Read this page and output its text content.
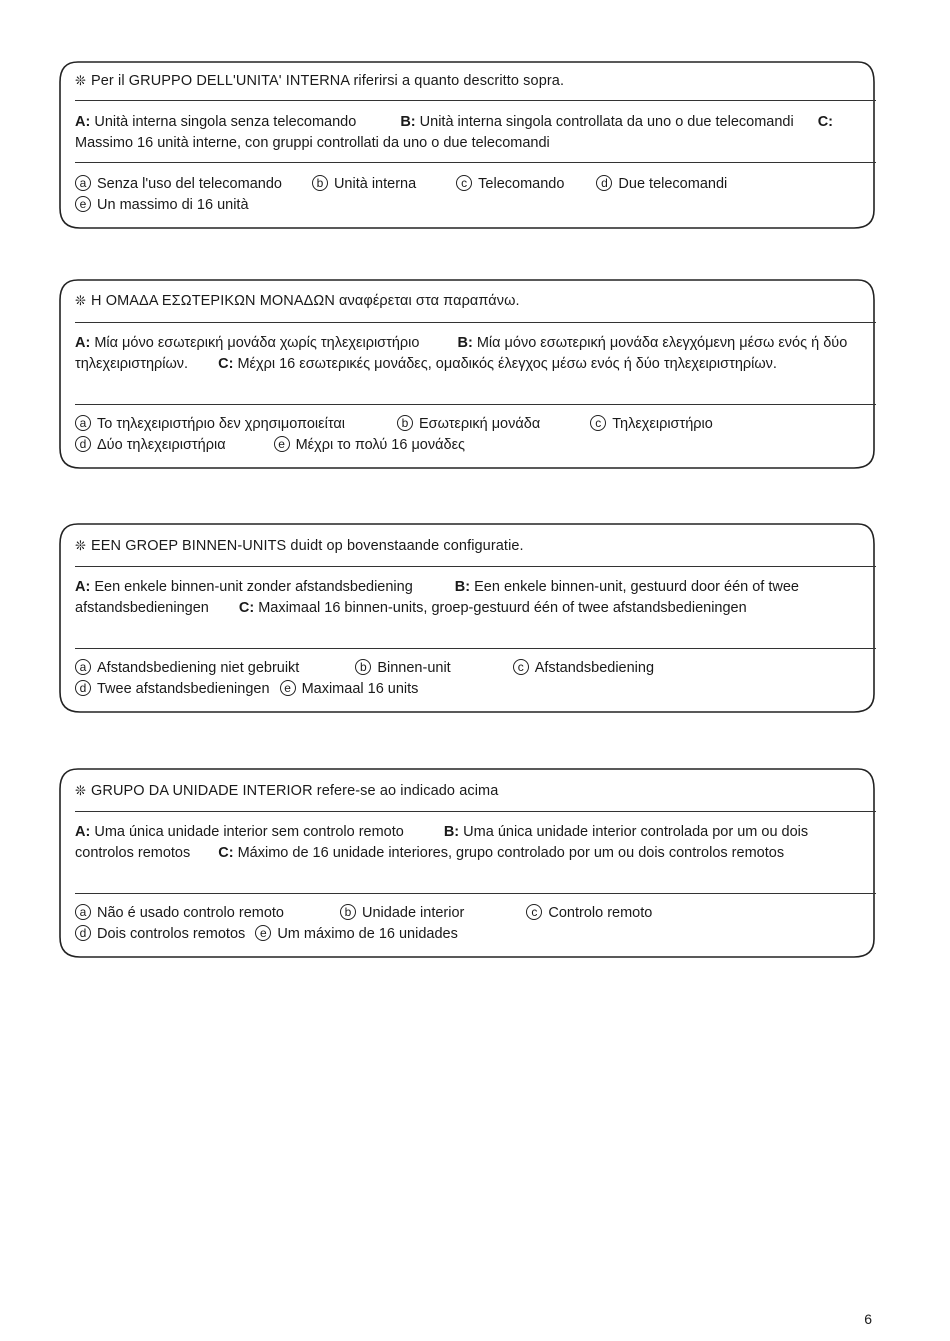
❊ Per il GRUPPO DELL'UNITA' INTERNA riferirsi a quanto descritto sopra.
A: Unità interna singola senza telecomando	B: Unità interna singola controllata da uno o due telecomandi C: Massimo 16 unità interne, con gruppi controllati da uno o due telecomandi
a Senza l'uso del telecomando	b Unità interna	c Telecomando	d Due telecomandi
e Un massimo di 16 unità
❊ Η ΟΜΑΔΑ ΕΣΩΤΕΡΙΚΩΝ ΜΟΝΑΔΩΝ αναφέρεται στα παραπάνω.
A: Μία μόνο εσωτερική μονάδα χωρίς τηλεχειριστήριο	B: Μία μόνο εσωτερική μονάδα ελεγχόμενη μέσω ενός ή δύο τηλεχειριστηρίων. C: Μέχρι 16 εσωτερικές μονάδες, ομαδικός έλεγχος μέσω ενός ή δύο τηλεχειριστηρίων.
a Το τηλεχειριστήριο δεν χρησιμοποιείται	b Εσωτερική μονάδα	c Τηλεχειριστήριο
d Δύο τηλεχειριστήρια	e Μέχρι το πολύ 16 μονάδες
❊ EEN GROEP BINNEN-UNITS duidt op bovenstaande configuratie.
A: Een enkele binnen-unit zonder afstandsbediening	B: Een enkele binnen-unit, gestuurd door één of twee afstandsbedieningen C: Maximaal 16 binnen-units, groep-gestuurd één of twee afstandsbedieningen
a Afstandsbediening niet gebruikt	b Binnen-unit	c Afstandsbedieningd Twee afstandsbedieningen e Maximaal 16 units
❊ GRUPO DA UNIDADE INTERIOR refere-se ao indicado acima
A: Uma única unidade interior sem controlo remoto	B: Uma única unidade interior controlada por um ou dois controlos remotos C: Máximo de 16 unidade interiores, grupo controlado por um ou dois controlos remotos
a Não é usado controlo remoto	b Unidade interior	c Controlo remotod Dois controlos remotos e Um máximo de 16 unidades
6
